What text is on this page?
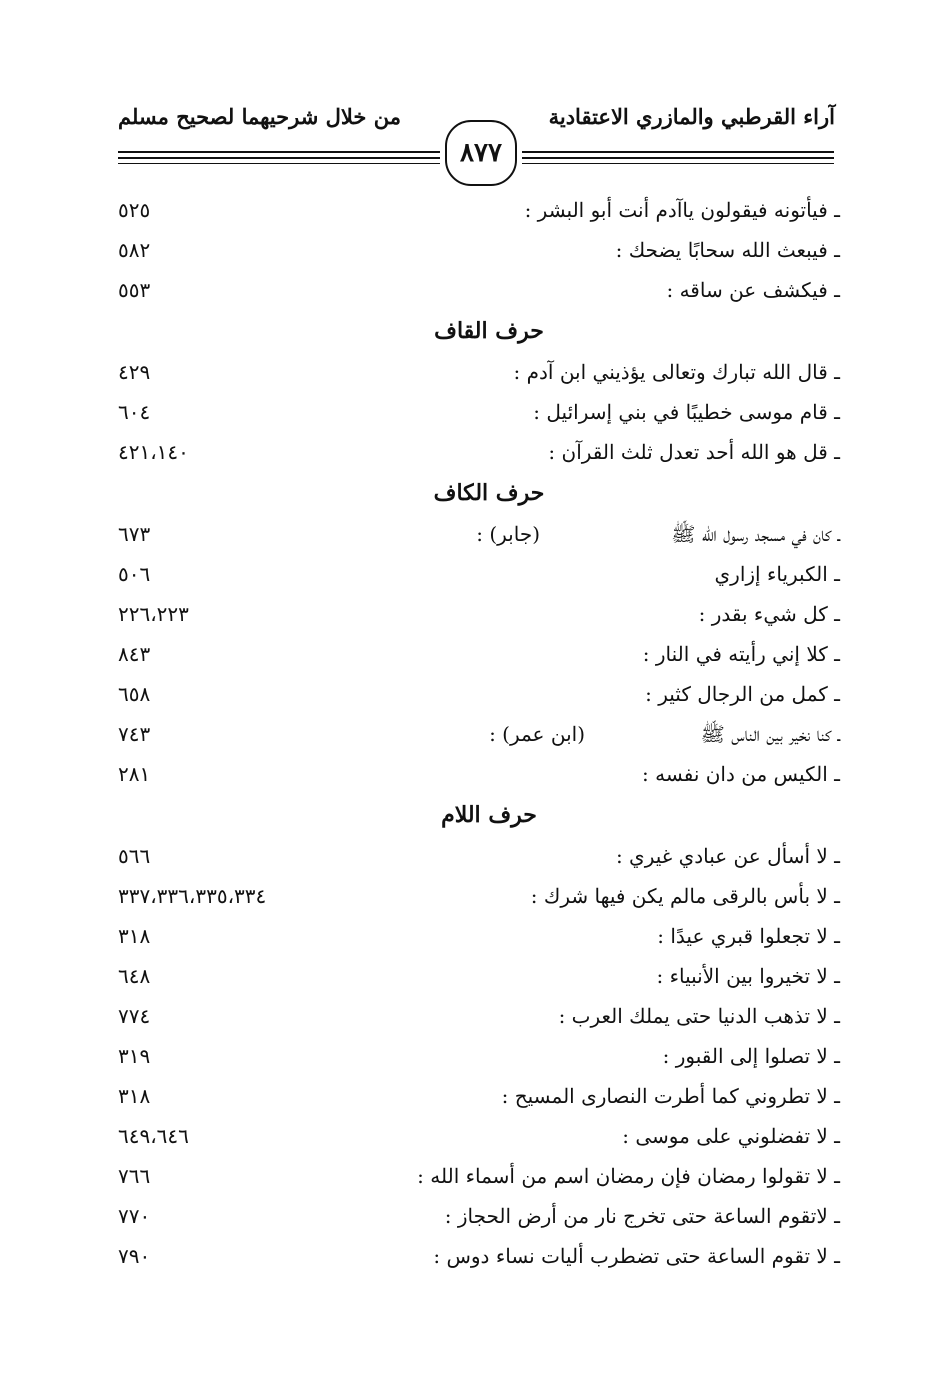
من خلال شرحيهما لصحيح مسلم	آراء القرطبي والمازري الاعتقادية
٨٧٧
ـ فيأتونه فيقولون ياآدم أنت أبو البشر :
٥٢٥
ـ فيبعث الله سحابًا يضحك :
٥٨٢
ـ فيكشف عن ساقه :
٥٥٣
حرف القاف
ـ قال الله تبارك وتعالى يؤذيني ابن آدم :
٤٢٩
ـ قام موسى خطيبًا في بني إسرائيل :
٦٠٤
ـ قل هو الله أحد تعدل ثلث القرآن :
٤٢١،١٤٠
حرف الكاف
ـ كان في مسجد رسول الله ﷺ
(جابر) :
٦٧٣
ـ الكبرياء إزاري
٥٠٦
ـ كل شيء بقدر :
٢٢٦،٢٢٣
ـ كلا إني رأيته في النار :
٨٤٣
ـ كمل من الرجال كثير :
٦٥٨
ـ كنا نخير بين الناس ﷺ
(ابن عمر) :
٧٤٣
ـ الكيس من دان نفسه :
٢٨١
حرف اللام
ـ لا أسأل عن عبادي غيري :
٥٦٦
ـ لا بأس بالرقى مالم يكن فيها شرك :
٣٣٧،٣٣٦،٣٣٥،٣٣٤
ـ لا تجعلوا قبري عيدًا :
٣١٨
ـ لا تخيروا بين الأنبياء :
٦٤٨
ـ لا تذهب الدنيا حتى يملك العرب :
٧٧٤
ـ لا تصلوا إلى القبور :
٣١٩
ـ لا تطروني كما أطرت النصارى المسيح :
٣١٨
ـ لا تفضلوني على موسى :
٦٤٩،٦٤٦
ـ لا تقولوا رمضان فإن رمضان اسم من أسماء الله :
٧٦٦
ـ لاتقوم الساعة حتى تخرج نار من أرض الحجاز :
٧٧٠
ـ لا تقوم الساعة حتى تضطرب أليات نساء دوس :
٧٩٠
